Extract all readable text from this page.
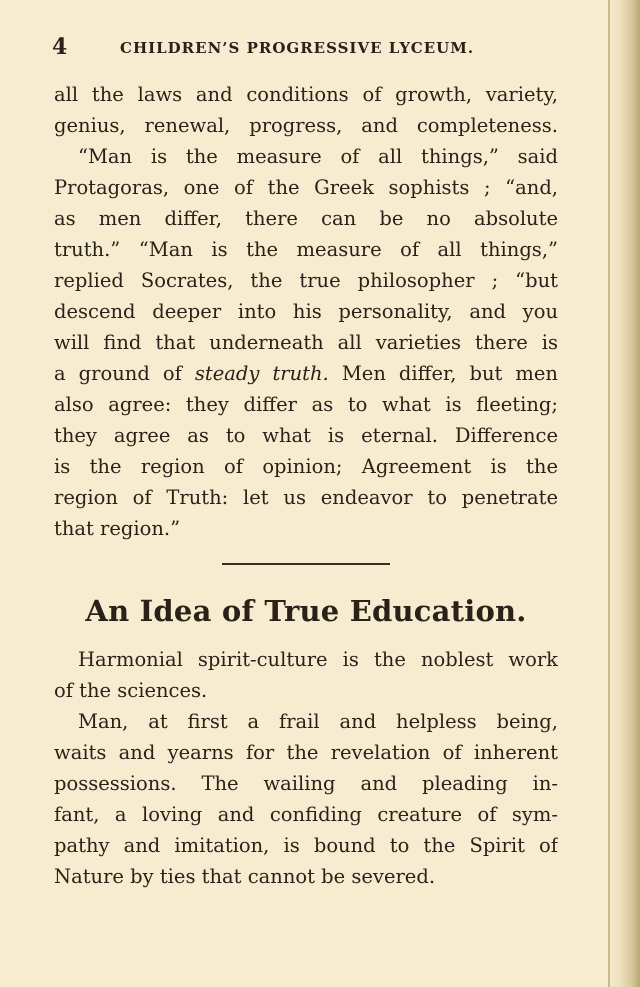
4	CHILDREN’S PROGRESSIVE LYCEUM.
all the laws and conditions of growth, variety,
genius, renewal, progress, and completeness.
“Man is the measure of all things,” said
Protagoras, one of the Greek sophists ; “and,
as men differ, there can be no absolute
truth.” “Man is the measure of all things,”
replied Socrates, the true philosopher ; “but
descend deeper into his personality, and you
will find that underneath all varieties there is
a ground of steady truth. Men differ, but men
also agree: they differ as to what is fleeting;
they agree as to what is eternal. Difference
is the region of opinion; Agreement is the
region of Truth: let us endeavor to penetrate
that region.”
An Idea of True Education.
Harmonial spirit-culture is the noblest work
of the sciences.
Man, at first a frail and helpless being,
waits and yearns for the revelation of inherent
possessions. The wailing and pleading in-
fant, a loving and confiding creature of sym-
pathy and imitation, is bound to the Spirit of
Nature by ties that cannot be severed.
